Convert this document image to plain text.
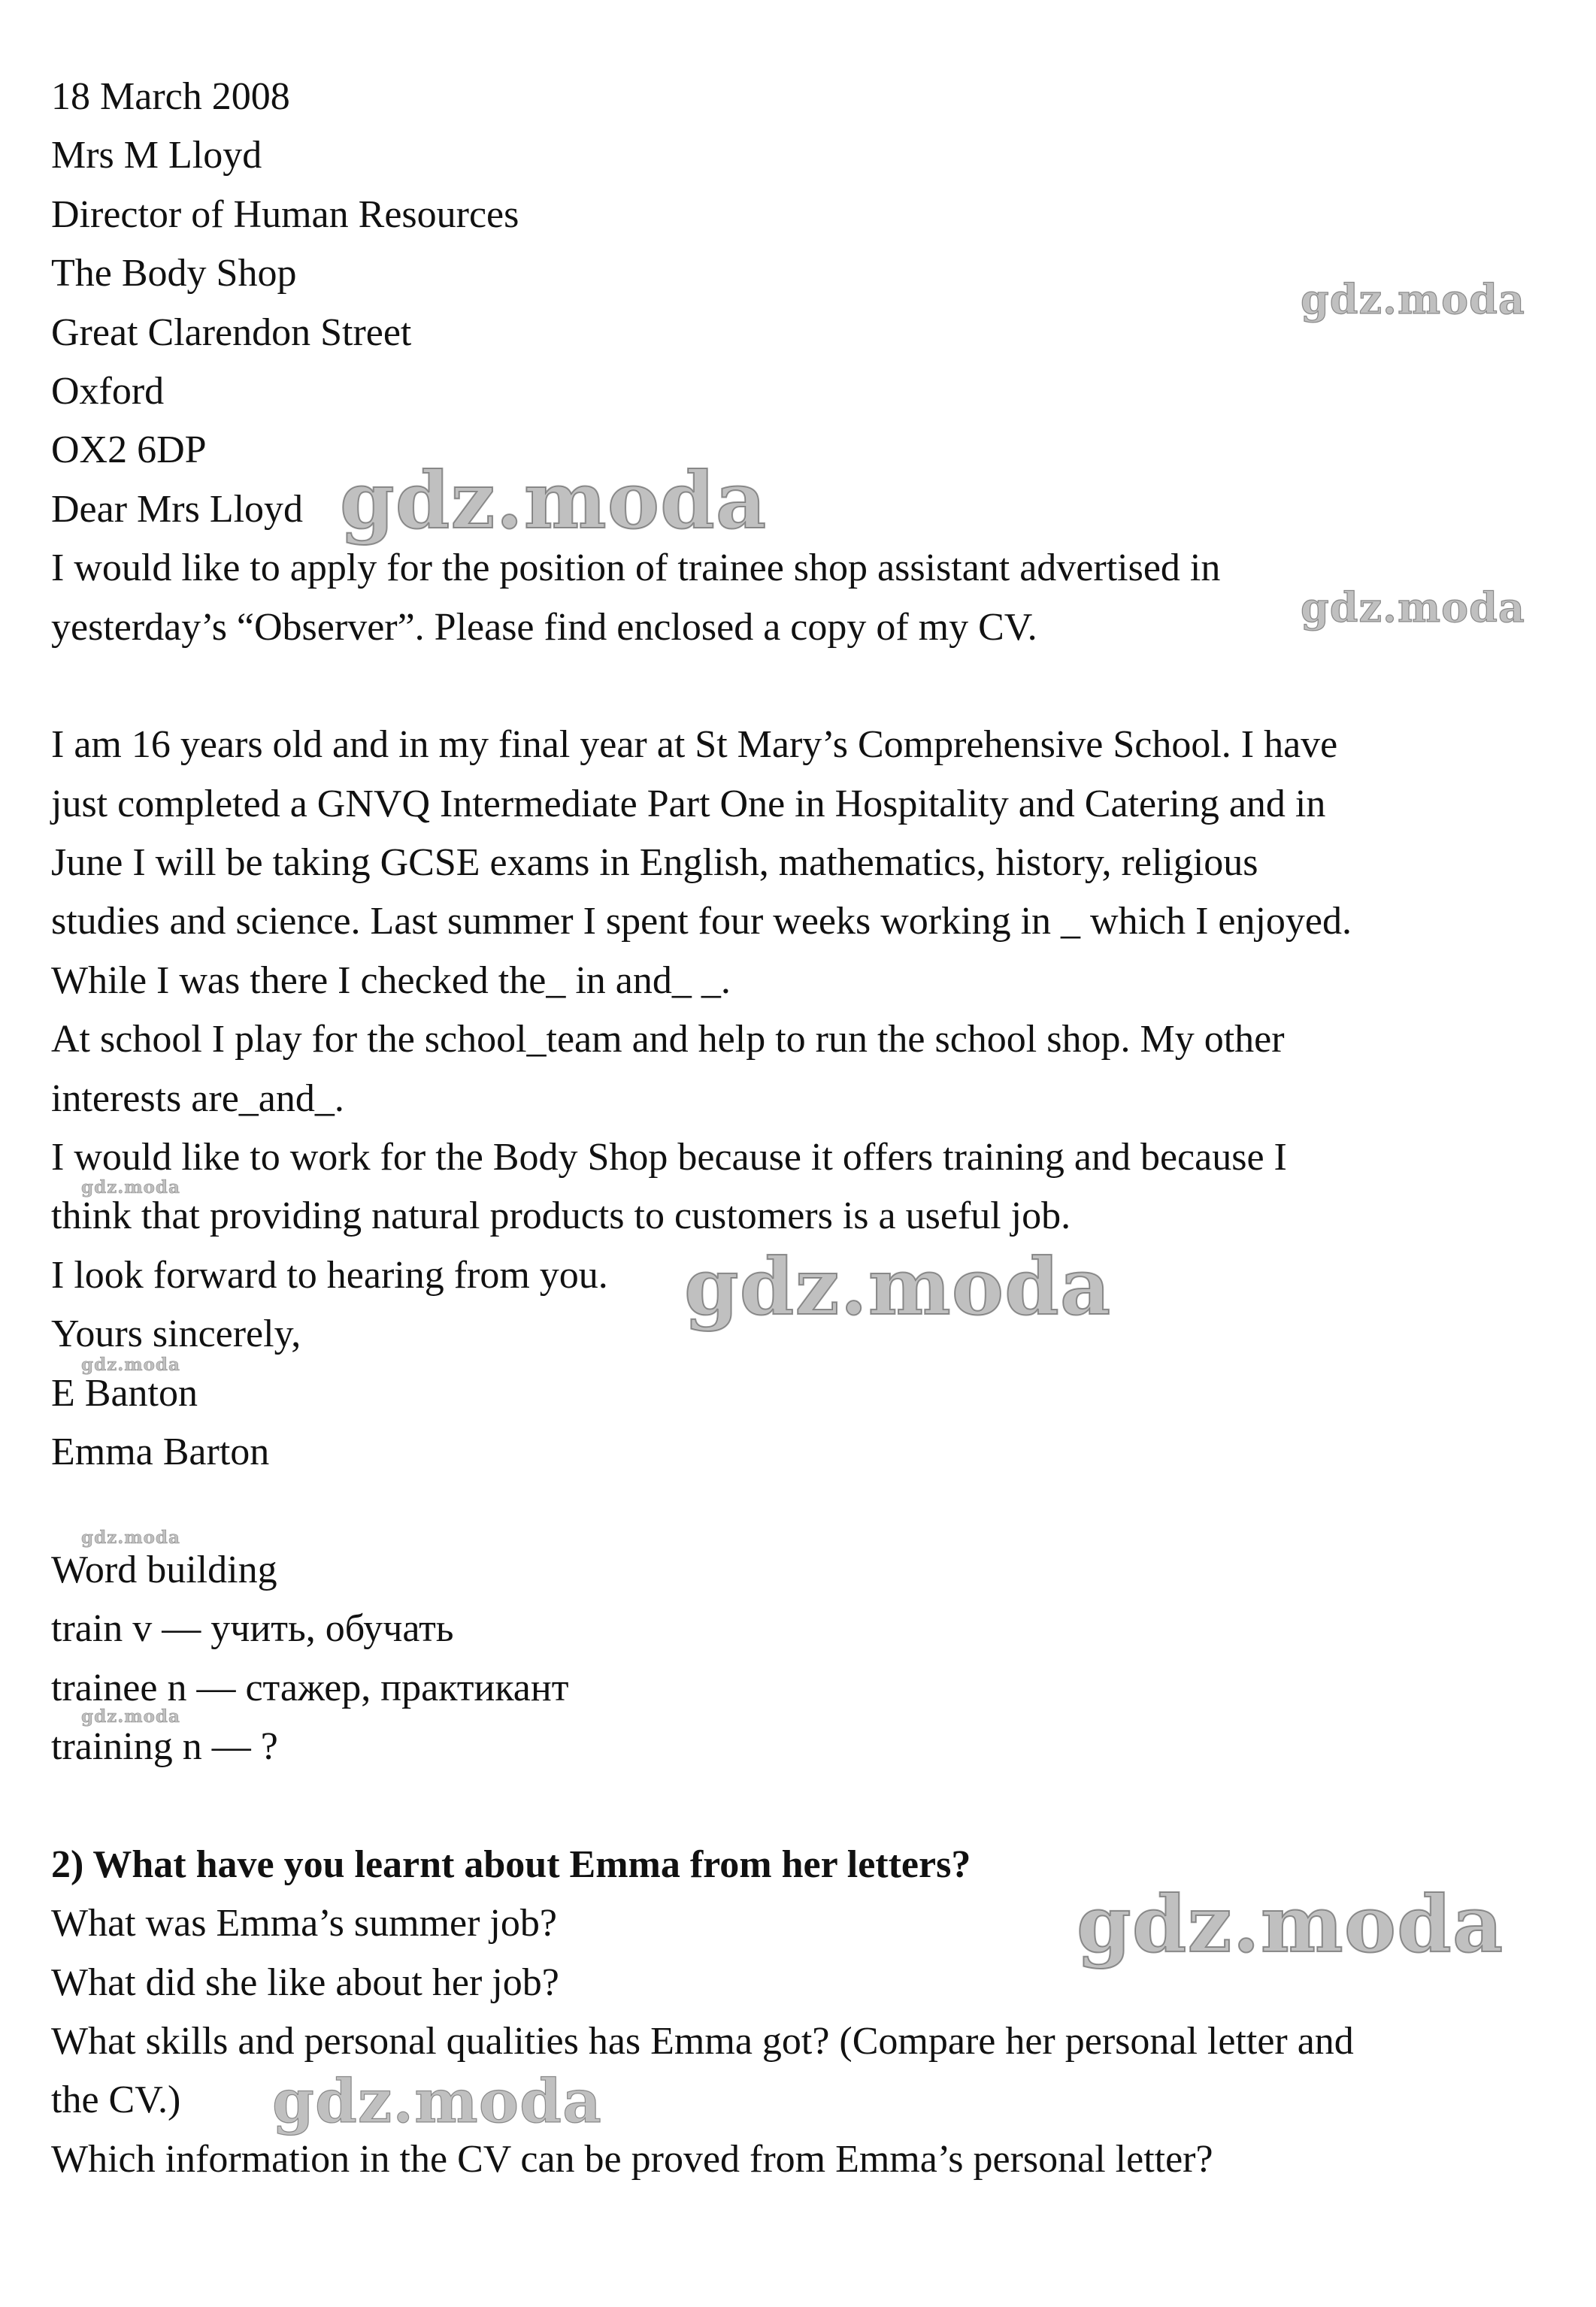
18 March 2008
Mrs M Lloyd
Director of Human Resources
The Body Shop
Great Clarendon Street
Oxford
OX2 6DP
Dear Mrs Lloyd
I would like to apply for the position of trainee shop assistant advertised in
yesterday’s “Observer”. Please find enclosed a copy of my CV.
I am 16 years old and in my final year at St Mary’s Comprehensive School. I have
just completed a GNVQ Intermediate Part One in Hospitality and Catering and in
June I will be taking GCSE exams in English, mathematics, history, religious
studies and science. Last summer I spent four weeks working in _ which I enjoyed.
While I was there I checked the_ in and_ _.
At school I play for the school_team and help to run the school shop. My other
interests are_and_.
I would like to work for the Body Shop because it offers training and because I
think that providing natural products to customers is a useful job.
I look forward to hearing from you.
Yours sincerely,
E Banton
Emma Barton
Word building
train v — учить, обучать
trainee n — стажер, практикант
training n — ?
2) What have you learnt about Emma from her letters?
What was Emma’s summer job?
What did she like about her job?
What skills and personal qualities has Emma got? (Compare her personal letter and
the CV.)
Which information in the CV can be proved from Emma’s personal letter?
gdz.moda
gdz.moda
gdz.moda
gdz.moda
gdz.moda
gdz.moda
gdz.moda
gdz.moda
gdz.moda
gdz.moda
